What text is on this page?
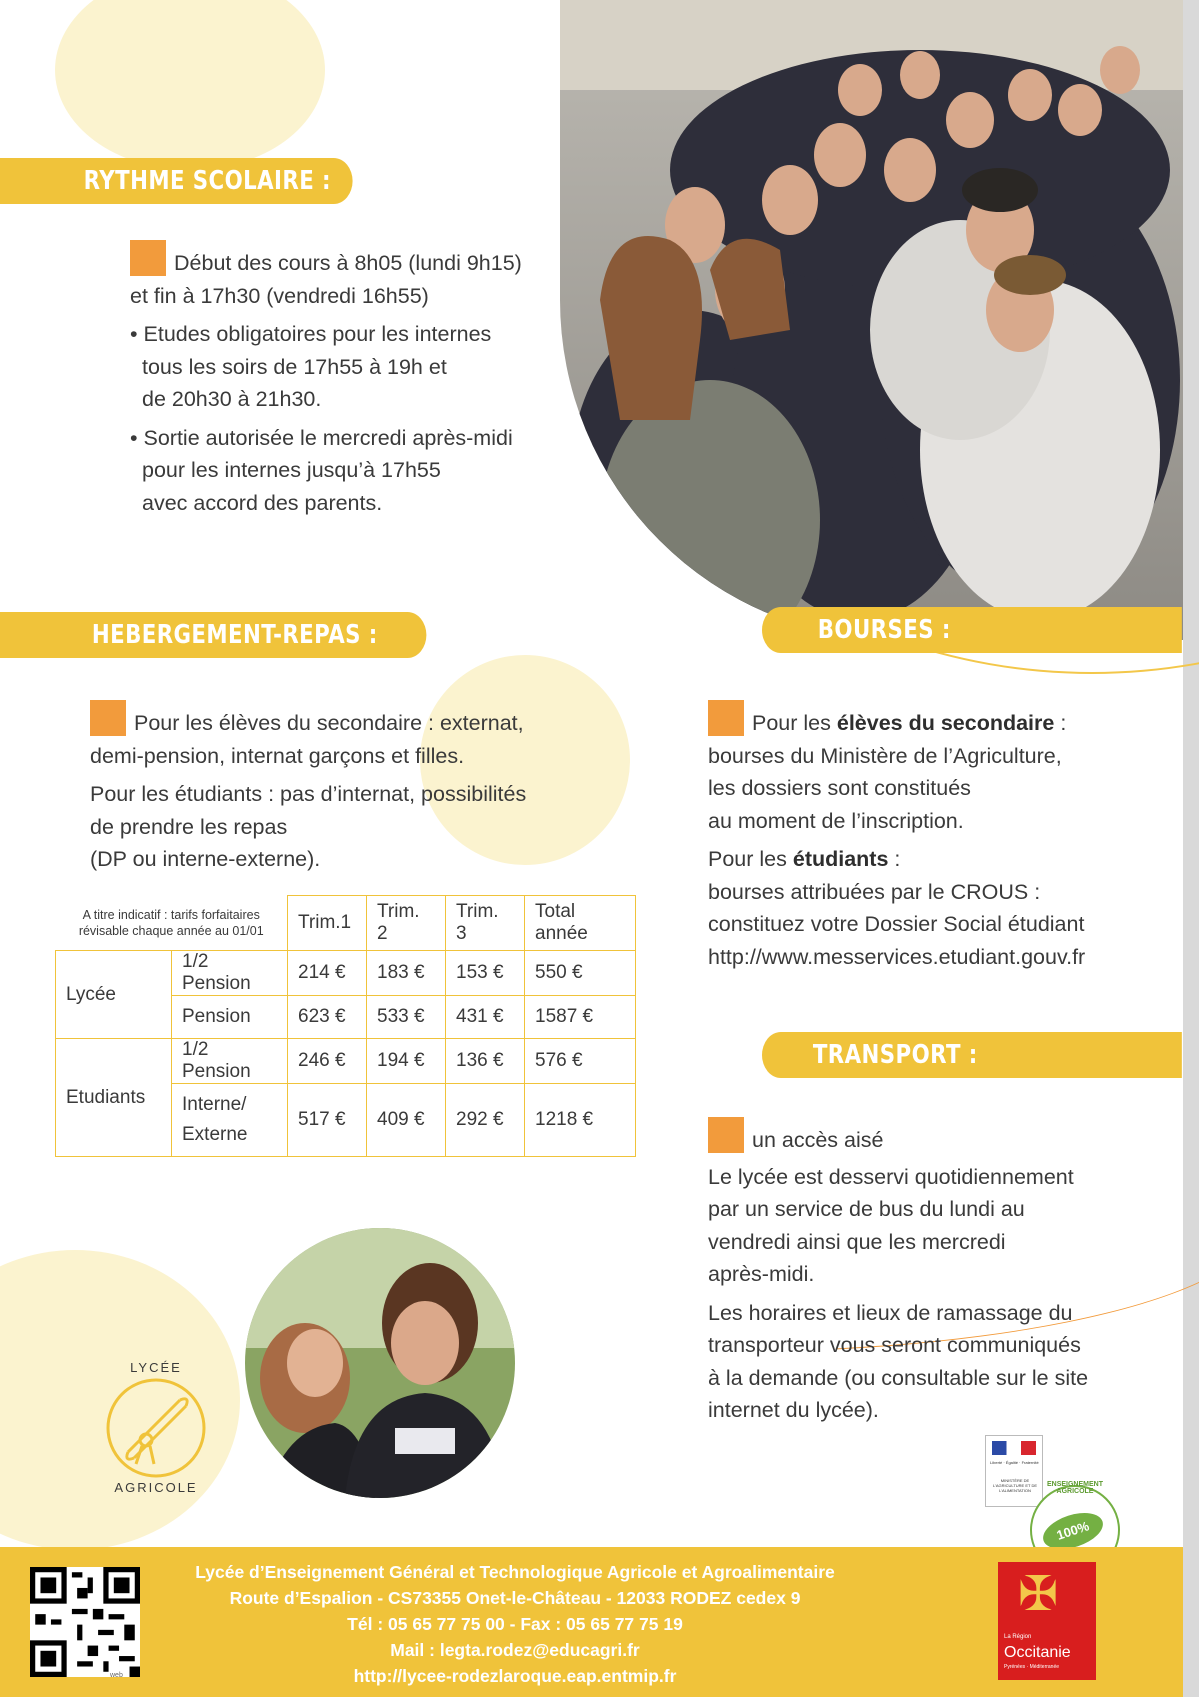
RYTHME SCOLAIRE :
Début des cours à 8h05 (lundi 9h15)
et fin à 17h30 (vendredi 16h55)
• Etudes obligatoires pour les internes
tous les soirs de 17h55 à 19h et
de 20h30 à 21h30.
• Sortie autorisée le mercredi après-midi
pour les internes jusqu’à 17h55
avec accord des parents.
HEBERGEMENT-REPAS :
Pour les élèves du secondaire : externat,
demi-pension, internat garçons et filles.
Pour les étudiants : pas d’internat, possibilités
de prendre les repas
(DP ou interne-externe).
A titre indicatif : tarifs forfaitaires
révisable chaque année au 01/01		Trim.1	Trim. 2	Trim. 3	Total année
Lycée	1/2 Pension	214 €	183 €	153 €	550 €
	Pension	623 €	533 €	431 €	1587 €
Etudiants	1/2 Pension	246 €	194 €	136 €	576 €

	Interne/
Externe	517 €	409 €	292 €	1218 €
BOURSES :
Pour les élèves du secondaire :
bourses du Ministère de l’Agriculture,
les dossiers sont constitués
au moment de l’inscription.
Pour les étudiants :
bourses attribuées par le CROUS :
constituez votre Dossier Social étudiant
http://www.messervices.etudiant.gouv.fr
TRANSPORT :
un accès aisé
Le lycée est desservi quotidiennement
par un service de bus du lundi au
vendredi ainsi que les mercredi
après-midi.
Les horaires et lieux de ramassage du
transporteur vous seront communiqués
à la demande (ou consultable sur le site
internet du lycée).
LYCÉE
AGRICOLE
Liberté · Égalité · Fraternité
MINISTÈRE DE L’AGRICULTURE ET DE L’ALIMENTATION
ENSEIGNEMENT AGRICOLE
100%
web
Lycée d’Enseignement Général et Technologique Agricole et Agroalimentaire
Route d’Espalion - CS73355 Onet-le-Château - 12033 RODEZ cedex 9
Tél : 05 65 77 75 00 - Fax : 05 65 77 75 19
Mail : legta.rodez@educagri.fr
http://lycee-rodezlaroque.eap.entmip.fr
✠
La Région
Occitanie
Pyrénées · Méditerranée
